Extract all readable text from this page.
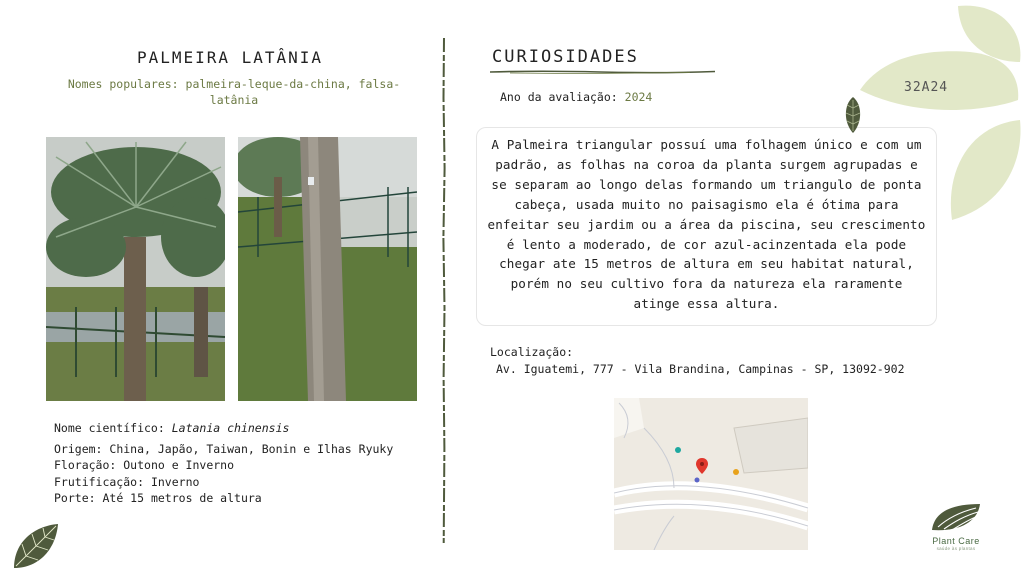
PALMEIRA LATÂNIA
Nomes populares: palmeira-leque-da-china, falsa-latânia
Nome científico: Latania chinensis
Origem: China, Japão, Taiwan, Bonin e Ilhas Ryuky
Floração: Outono e Inverno
Frutificação: Inverno
Porte: Até 15 metros de altura
CURIOSIDADES
Ano da avaliação: 2024

A Palmeira triangular possuí uma folhagem único e com um padrão, as folhas na coroa da planta surgem agrupadas e se separam ao longo delas formando um triangulo de ponta cabeça, usada muito no paisagismo ela é ótima para enfeitar seu jardim ou a área da piscina, seu crescimento é lento a moderado, de cor azul-acinzentada ela pode chegar ate 15 metros de altura em seu habitat natural, porém no seu cultivo fora da natureza ela raramente atinge essa altura.

Localização:
Av. Iguatemi, 777 - Vila Brandina, Campinas - SP, 13092-902
32A24
Plant Care
saúde às plantas
